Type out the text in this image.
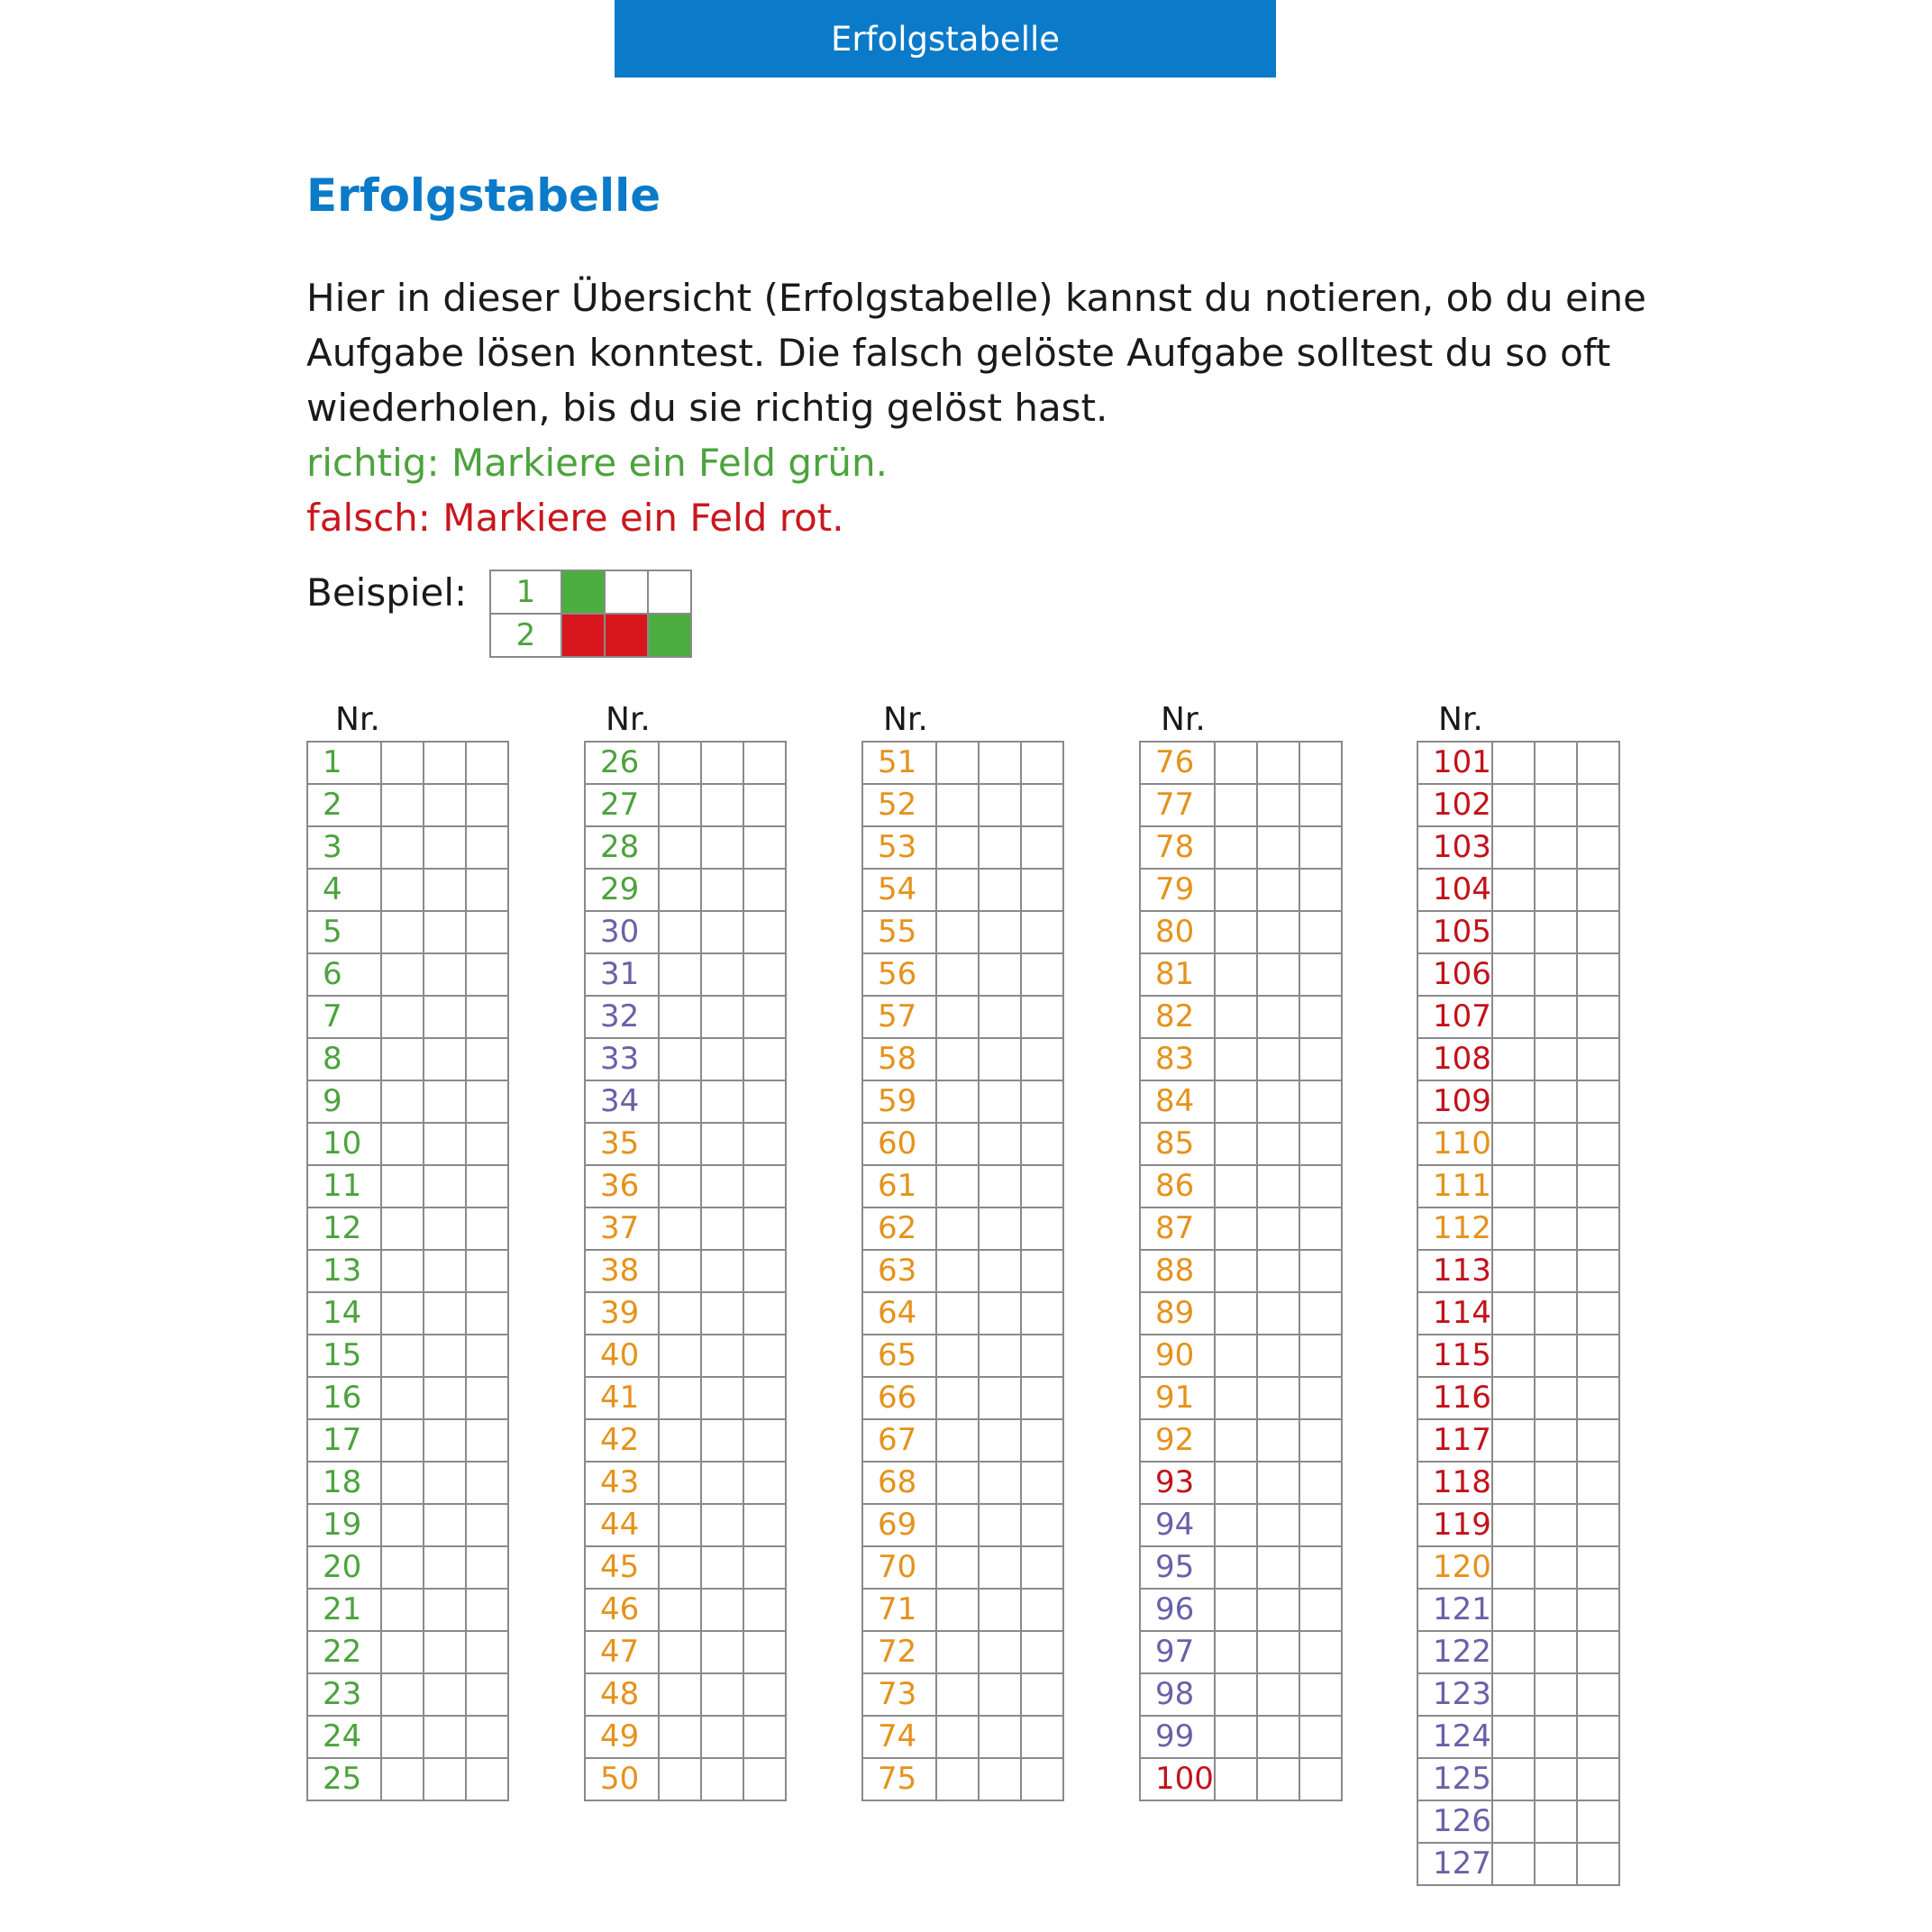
Erfolgstabelle
Erfolgstabelle

Hier in dieser Übersicht (Erfolgstabelle) kannst du notieren, ob du eine

Aufgabe lösen konntest. Die falsch gelöste Aufgabe solltest du so oft

wiederholen, bis du sie richtig gelöst hast.

richtig: Markiere ein Feld grün.

falsch: Markiere ein Feld rot.

Beispiel: 1			
2			
Nr.
1			
2			
3			
4			
5			
6			
7			
8			
9			
10			
11			
12			
13			
14			
15			
16			
17			
18			
19			
20			
21			
22			
23			
24			
25			
Nr.
26			
27			
28			
29			
30			
31			
32			
33			
34			
35			
36			
37			
38			
39			
40			
41			
42			
43			
44			
45			
46			
47			
48			
49			
50			
Nr.
51			
52			
53			
54			
55			
56			
57			
58			
59			
60			
61			
62			
63			
64			
65			
66			
67			
68			
69			
70			
71			
72			
73			
74			
75			
Nr.
76			
77			
78			
79			
80			
81			
82			
83			
84			
85			
86			
87			
88			
89			
90			
91			
92			
93			
94			
95			
96			
97			
98			
99			
100			
Nr.
101			
102			
103			
104			
105			
106			
107			
108			
109			
110			
111			
112			
113			
114			
115			
116			
117			
118			
119			
120			
121			
122			
123			
124			
125			
126			
127			
